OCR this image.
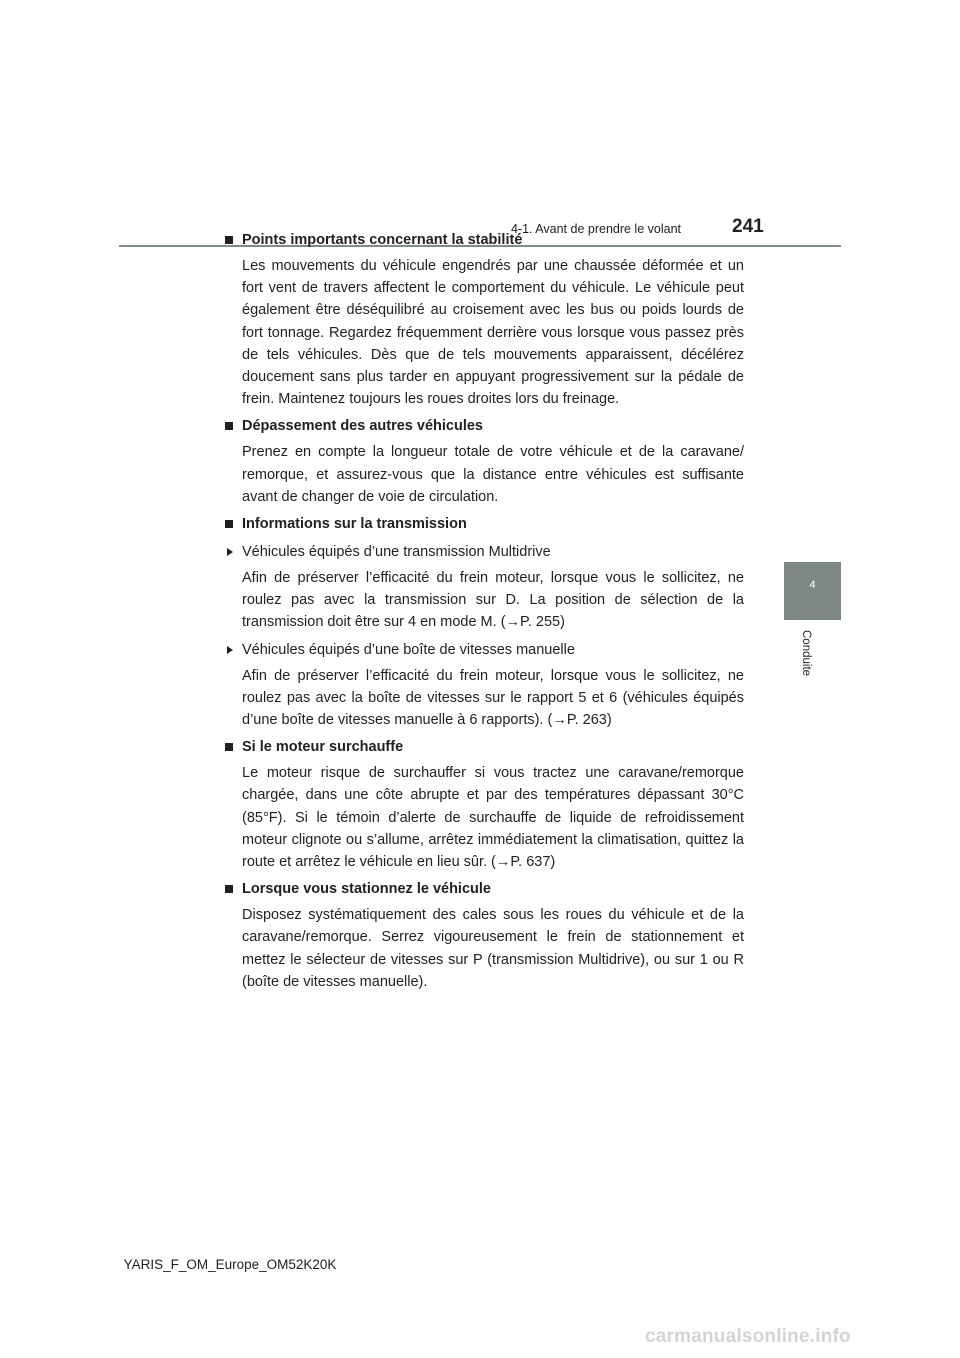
4-1. Avant de prendre le volant	241
4
Conduite
Points importants concernant la stabilité

Les mouvements du véhicule engendrés par une chaussée déformée et un fort vent de travers affectent le comportement du véhicule. Le véhicule peut également être déséquilibré au croisement avec les bus ou poids lourds de fort tonnage. Regardez fréquemment derrière vous lorsque vous passez près de tels véhicules. Dès que de tels mouvements apparaissent, décélérez doucement sans plus tarder en appuyant progressivement sur la pédale de frein. Maintenez toujours les roues droites lors du freinage.

Dépassement des autres véhicules

Prenez en compte la longueur totale de votre véhicule et de la caravane/ remorque, et assurez-vous que la distance entre véhicules est suffisante avant de changer de voie de circulation.

Informations sur la transmission
Véhicules équipés d’une transmission Multidrive

Afin de préserver l’efficacité du frein moteur, lorsque vous le sollicitez, ne roulez pas avec la transmission sur D. La position de sélection de la transmission doit être sur 4 en mode M. (→P. 255)

Véhicules équipés d’une boîte de vitesses manuelle

Afin de préserver l’efficacité du frein moteur, lorsque vous le sollicitez, ne roulez pas avec la boîte de vitesses sur le rapport 5 et 6 (véhicules équipés d’une boîte de vitesses manuelle à 6 rapports). (→P. 263)

Si le moteur surchauffe

Le moteur risque de surchauffer si vous tractez une caravane/remorque chargée, dans une côte abrupte et par des températures dépassant 30°C (85°F). Si le témoin d’alerte de surchauffe de liquide de refroidissement moteur clignote ou s’allume, arrêtez immédiatement la climatisation, quittez la route et arrêtez le véhicule en lieu sûr. (→P. 637)

Lorsque vous stationnez le véhicule

Disposez systématiquement des cales sous les roues du véhicule et de la caravane/remorque. Serrez vigoureusement le frein de stationnement et mettez le sélecteur de vitesses sur P (transmission Multidrive), ou sur 1 ou R (boîte de vitesses manuelle).

YARIS_F_OM_Europe_OM52K20K
carmanualsonline.info
